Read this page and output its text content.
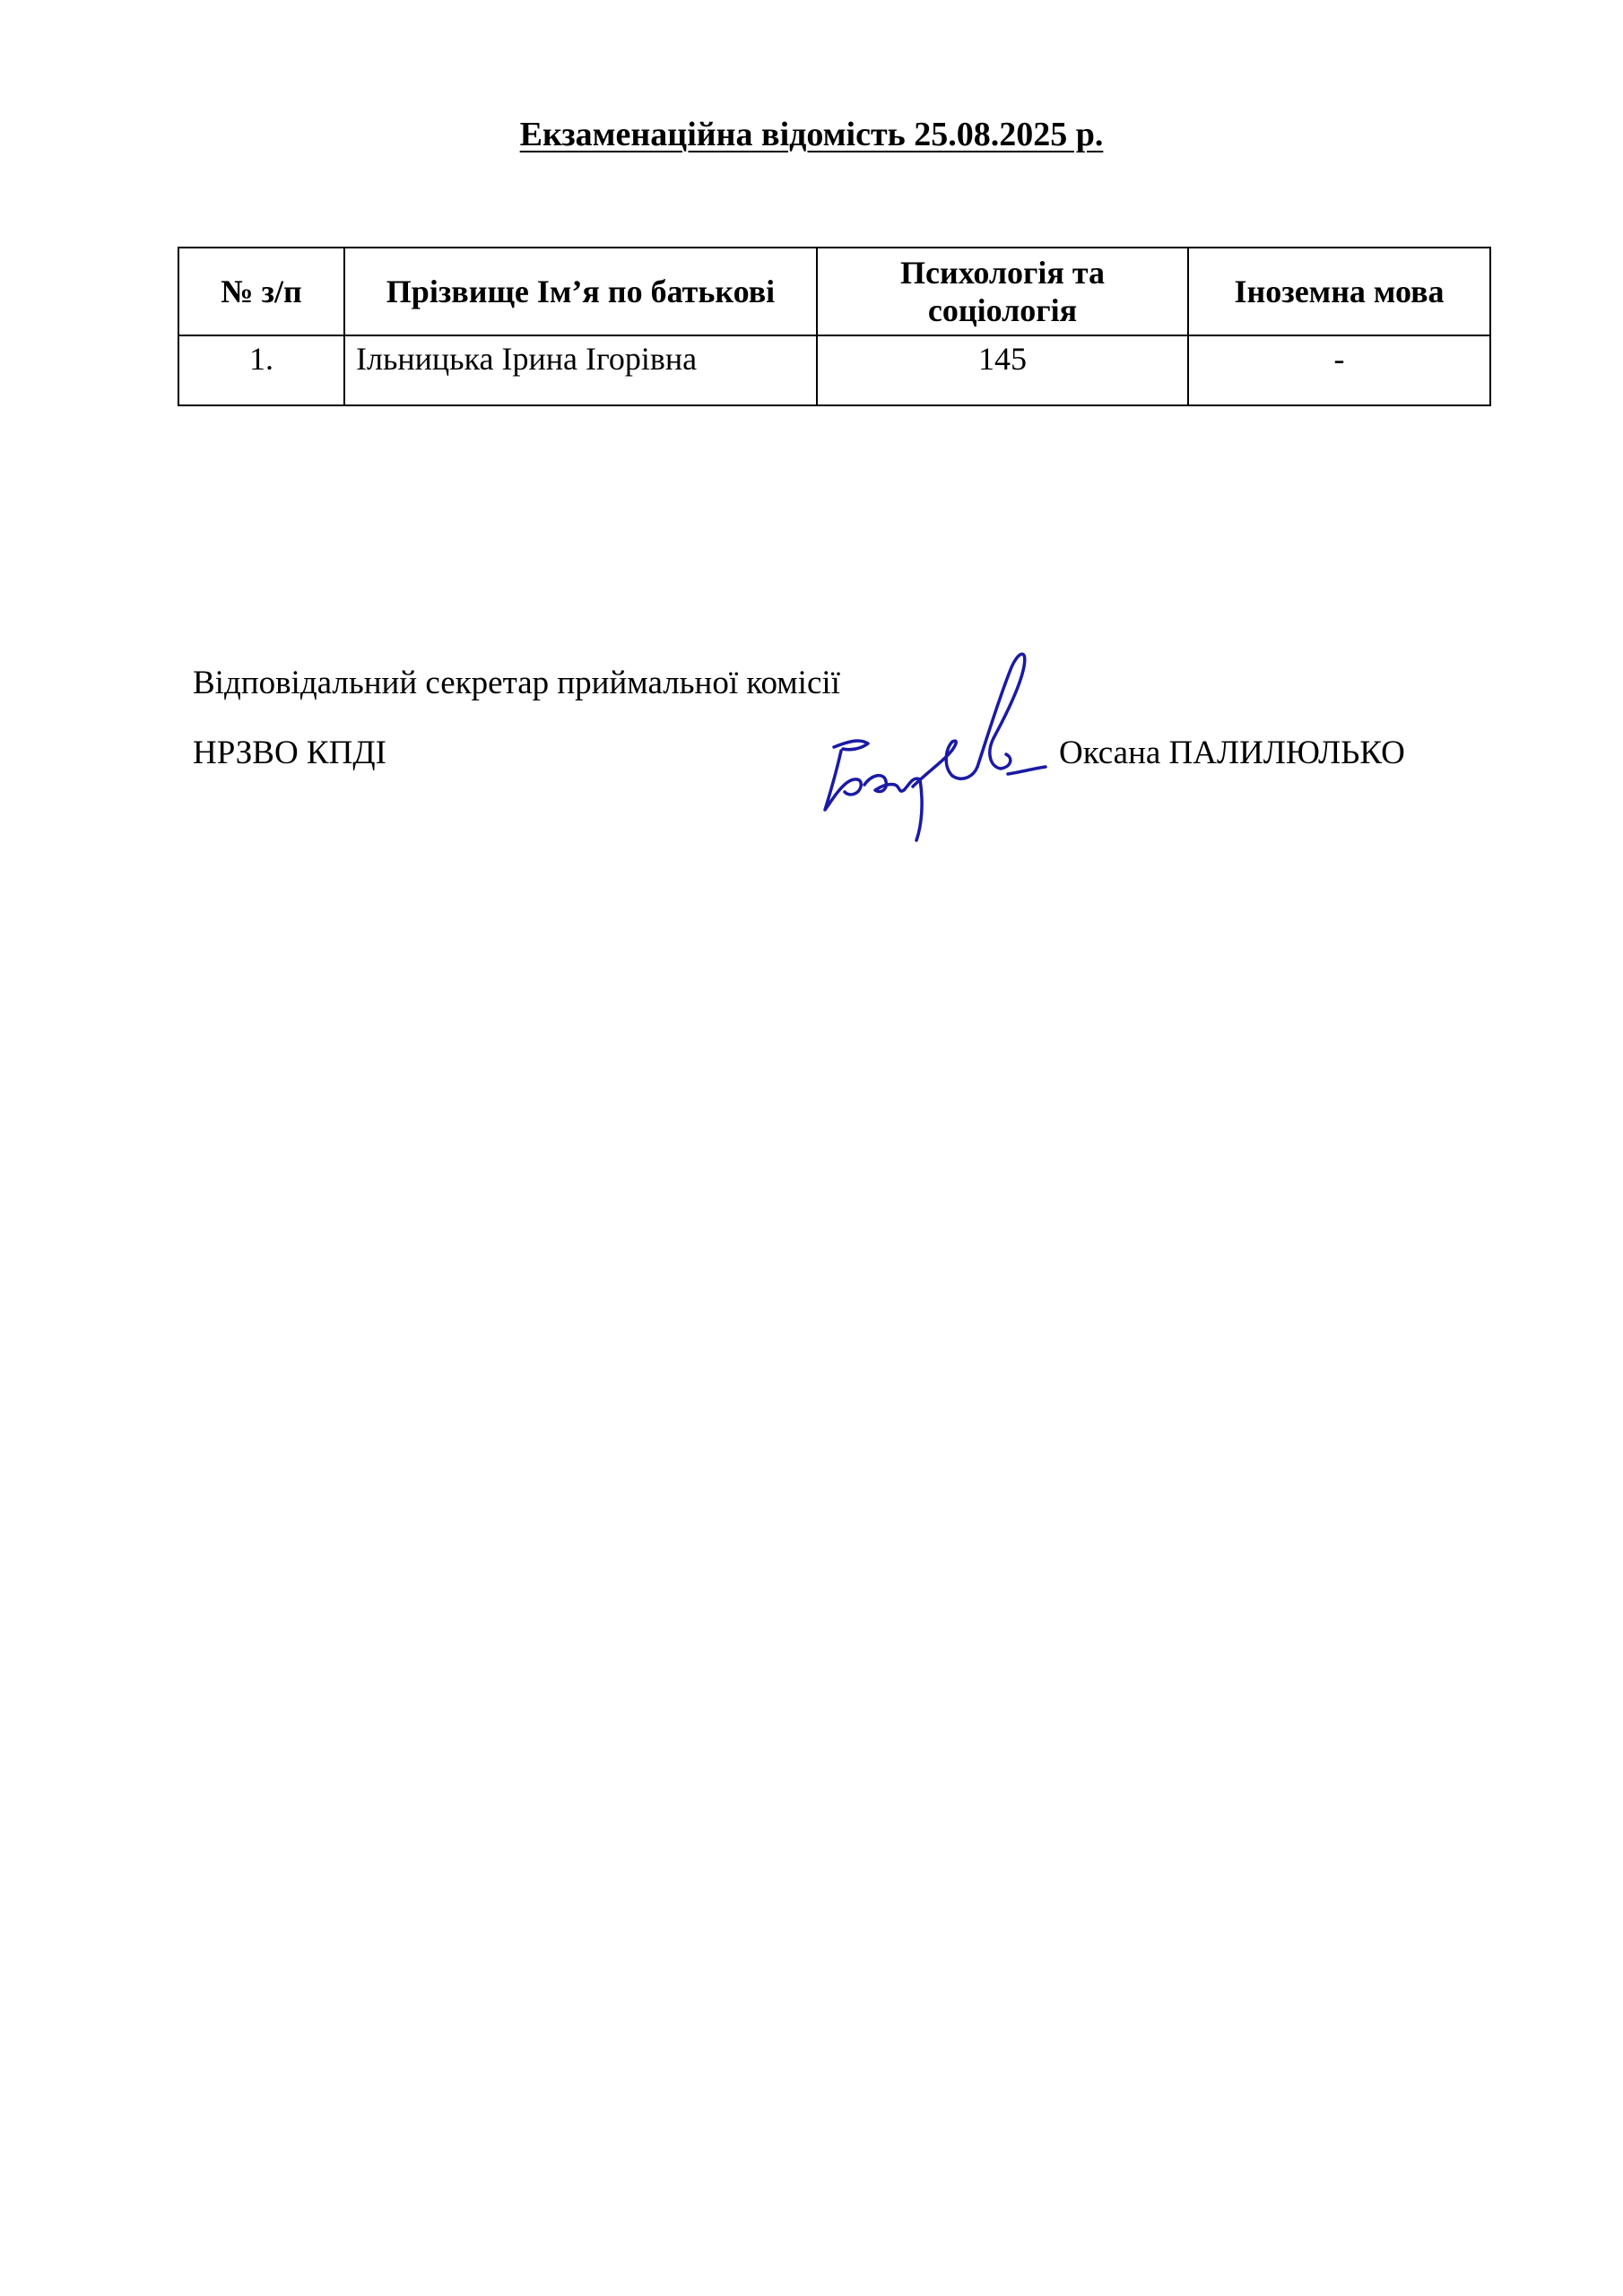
Екзаменаційна відомість 25.08.2025 р.
№ з/п	Прізвище Ім’я по батькові	Психологія та соціологія	Іноземна мова
1.	Ільницька Ірина Ігорівна	145	-
Відповідальний секретар приймальної комісії
НРЗВО КПДІ	Оксана ПАЛИЛЮЛЬКО
